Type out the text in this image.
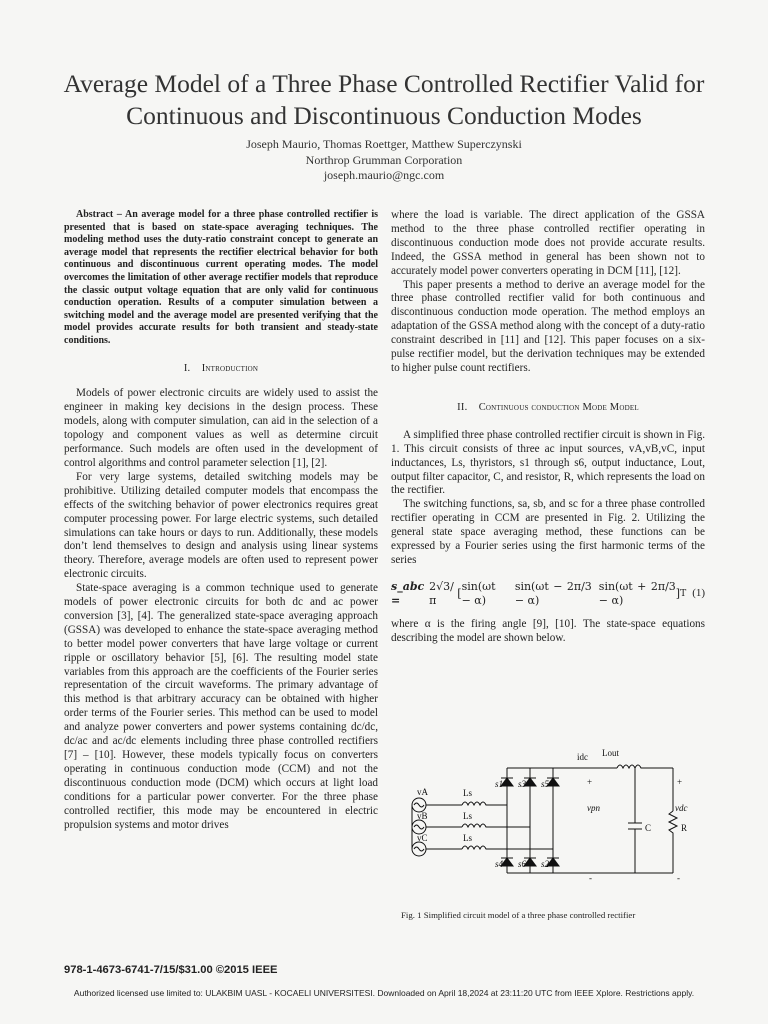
Average Model of a Three Phase Controlled Rectifier Valid for Continuous and Discontinuous Conduction Modes
Joseph Maurio, Thomas Roettger, Matthew Superczynski
Northrop Grumman Corporation
joseph.maurio@ngc.com

Abstract – An average model for a three phase controlled rectifier is presented that is based on state-space averaging techniques. The modeling method uses the duty-ratio constraint concept to generate an average model that represents the rectifier electrical behavior for both continuous and discontinuous current operating modes. The model overcomes the limitation of other average rectifier models that reproduce the classic output voltage equation that are only valid for continuous conduction operation. Results of a computer simulation between a switching model and the average model are presented verifying that the model provides accurate results for both transient and steady-state conditions.

I. Introduction

Models of power electronic circuits are widely used to assist the engineer in making key decisions in the design process. These models, along with computer simulation, can aid in the selection of a topology and component values as well as determine circuit performance. Such models are often used in the development of control algorithms and control parameter selection [1], [2].

For very large systems, detailed switching models may be prohibitive. Utilizing detailed computer models that encompass the effects of the switching behavior of power electronics requires great computer processing power. For large electric systems, such detailed simulations can take hours or days to run. Additionally, these models don’t lend themselves to design and analysis using linear systems theory. Therefore, average models are often used to represent power electronic circuits.

State-space averaging is a common technique used to generate models of power electronic circuits for both dc and ac power conversion [3], [4]. The generalized state-space averaging approach (GSSA) was developed to enhance the state-space averaging method to better model power converters that have large voltage or current ripple or oscillatory behavior [5], [6]. The resulting model state variables from this approach are the coefficients of the Fourier series representation of the circuit waveforms. The primary advantage of this method is that arbitrary accuracy can be obtained with higher order terms of the Fourier series. This method can be used to model and analyze power converters and power systems containing dc/dc, dc/ac and ac/dc elements including three phase controlled rectifiers [7] – [10]. However, these models typically focus on converters operating in continuous conduction mode (CCM) and not the discontinuous conduction mode (DCM) which occurs at light load conditions for a particular power converter. For the three phase controlled rectifier, this mode may be encountered in electric propulsion systems and motor drives

where the load is variable. The direct application of the GSSA method to the three phase controlled rectifier operating in discontinuous conduction mode does not provide accurate results. Indeed, the GSSA method in general has been shown not to accurately model power converters operating in DCM [11], [12].

This paper presents a method to derive an average model for the three phase controlled rectifier valid for both continuous and discontinuous conduction mode operation. The method employs an adaptation of the GSSA method along with the concept of a duty-ratio constraint described in [11] and [12]. This paper focuses on a six-pulse rectifier model, but the derivation techniques may be extended to higher pulse count rectifiers.

II. Continuous conduction Mode Model

A simplified three phase controlled rectifier circuit is shown in Fig. 1. This circuit consists of three ac input sources, vA,vB,vC, input inductances, Ls, thyristors, s1 through s6, output inductance, Lout, output filter capacitor, C, and resistor, R, which represents the load on the rectifier.

The switching functions, sa, sb, and sc for a three phase controlled rectifier operating in CCM are presented in Fig. 2. Utilizing the general state space averaging method, these functions can be expressed by a Fourier series using the first harmonic terms of the series

s_abc =

2√3/π
[
sin(ωt − α)

sin(ωt − 2π/3 − α)

sin(ωt + 2π/3 − α)
] T (1)

where α is the firing angle [9], [10]. The state-space equations describing the model are shown below.

idc Lout
s1 s3 s5
s4 s6 s2
vA
vB
vC
Ls
Ls
Ls
vpn	vdc
C	R
+	+
-	-
Fig. 1 Simplified circuit model of a three phase controlled rectifier
978-1-4673-6741-7/15/$31.00 ©2015 IEEE
Authorized licensed use limited to: ULAKBIM UASL - KOCAELI UNIVERSITESI. Downloaded on April 18,2024 at 23:11:20 UTC from IEEE Xplore. Restrictions apply.
